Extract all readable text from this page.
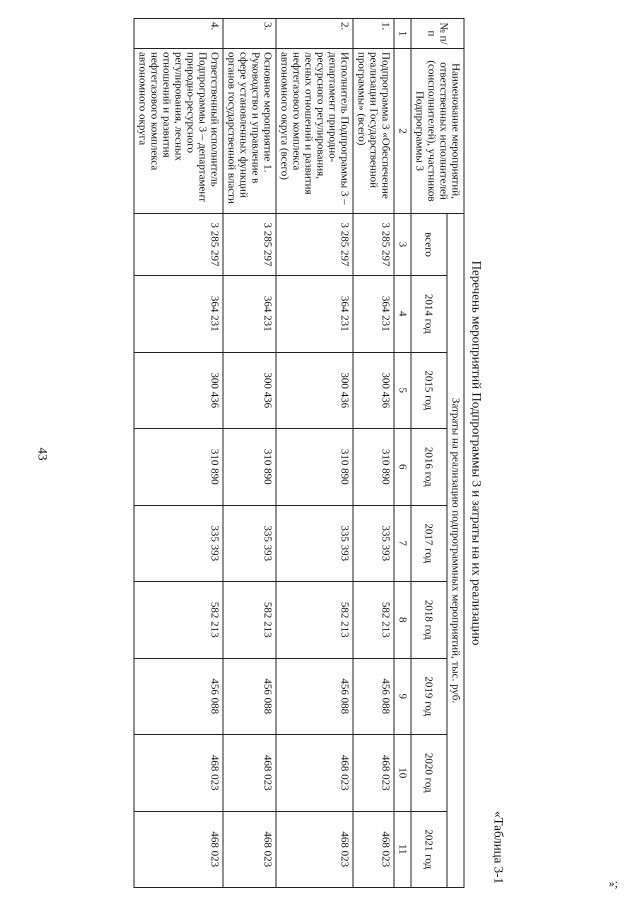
43
«Таблица 3-1
Перечень мероприятий Подпрограммы 3 и затраты на их реализацию
№ п/п	Наименование мероприятий, ответственных исполнителей (соисполнителей), участников Подпрограммы 3	Затраты на реализацию подпрограммных мероприятий, тыс. руб.								
		всего	2014 год	2015 год	2016 год	2017 год	2018 год	2019 год	2020 год	2021 год

1	2	3	4	5	6	7	8	9	10	11
1.	Подпрограмма 3 «Обеспечение реализации Государственной программы» (всего)	3 285 297	364 231	300 436	310 890	335 393	582 213	456 088	468 023	468 023
2.	Исполнитель Подпрограммы 3 – департамент природно-ресурсного регулирования, лесных отношений и развития нефтегазового комплекса автономного округа (всего)	3 285 297	364 231	300 436	310 890	335 393	582 213	456 088	468 023	468 023
3.	Основное мероприятие 1. Руководство и управление в сфере установленных функций органов государственной власти	3 285 297	364 231	300 436	310 890	335 393	582 213	456 088	468 023	468 023
4.	Ответственный исполнитель Подпрограммы 3 – департамент природно-ресурсного регулирования, лесных отношений и развития нефтегазового комплекса автономного округа	3 285 297	364 231	300 436	310 890	335 393	582 213	456 088	468 023	468 023
»;
